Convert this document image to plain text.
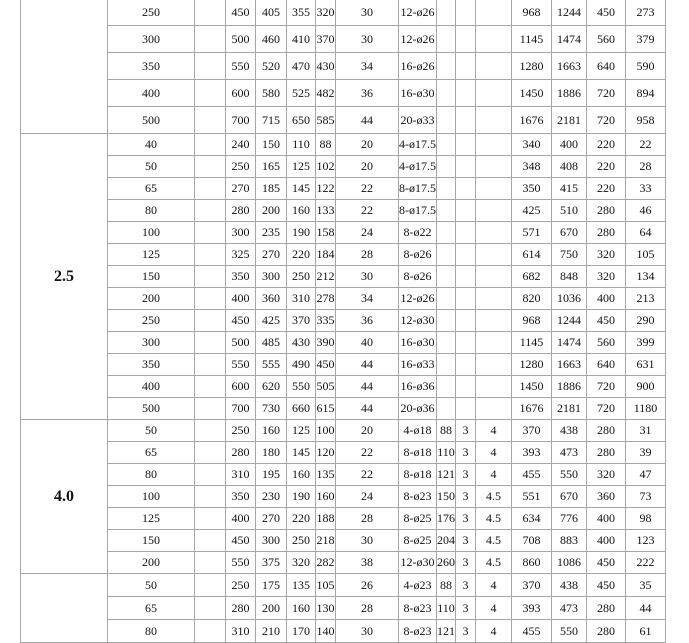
	250		450	405	355	320	30	12-ø26				968	1244	450	273
	300		500	460	410	370	30	12-ø26				1145	1474	560	379
	350		550	520	470	430	34	16-ø26				1280	1663	640	590
	400		600	580	525	482	36	16-ø30				1450	1886	720	894
	500		700	715	650	585	44	20-ø33				1676	2181	720	958
2.5	40		240	150	110	88	20	4-ø17.5				340	400	220	22
	50		250	165	125	102	20	4-ø17.5				348	408	220	28
	65		270	185	145	122	22	8-ø17.5				350	415	220	33
	80		280	200	160	133	22	8-ø17.5				425	510	280	46
	100		300	235	190	158	24	8-ø22				571	670	280	64
	125		325	270	220	184	28	8-ø26				614	750	320	105
	150		350	300	250	212	30	8-ø26				682	848	320	134
	200		400	360	310	278	34	12-ø26				820	1036	400	213
	250		450	425	370	335	36	12-ø30				968	1244	450	290
	300		500	485	430	390	40	16-ø30				1145	1474	560	399
	350		550	555	490	450	44	16-ø33				1280	1663	640	631
	400		600	620	550	505	44	16-ø36				1450	1886	720	900
	500		700	730	660	615	44	20-ø36				1676	2181	720	1180
4.0	50		250	160	125	100	20	4-ø18	88	3	4	370	438	280	31
	65		280	180	145	120	22	8-ø18	110	3	4	393	473	280	39
	80		310	195	160	135	22	8-ø18	121	3	4	455	550	320	47
	100		350	230	190	160	24	8-ø23	150	3	4.5	551	670	360	73
	125		400	270	220	188	28	8-ø25	176	3	4.5	634	776	400	98
	150		450	300	250	218	30	8-ø25	204	3	4.5	708	883	400	123
	200		550	375	320	282	38	12-ø30	260	3	4.5	860	1086	450	222
	50		250	175	135	105	26	4-ø23	88	3	4	370	438	450	35
	65		280	200	160	130	28	8-ø23	110	3	4	393	473	280	44
	80		310	210	170	140	30	8-ø23	121	3	4	455	550	280	61
